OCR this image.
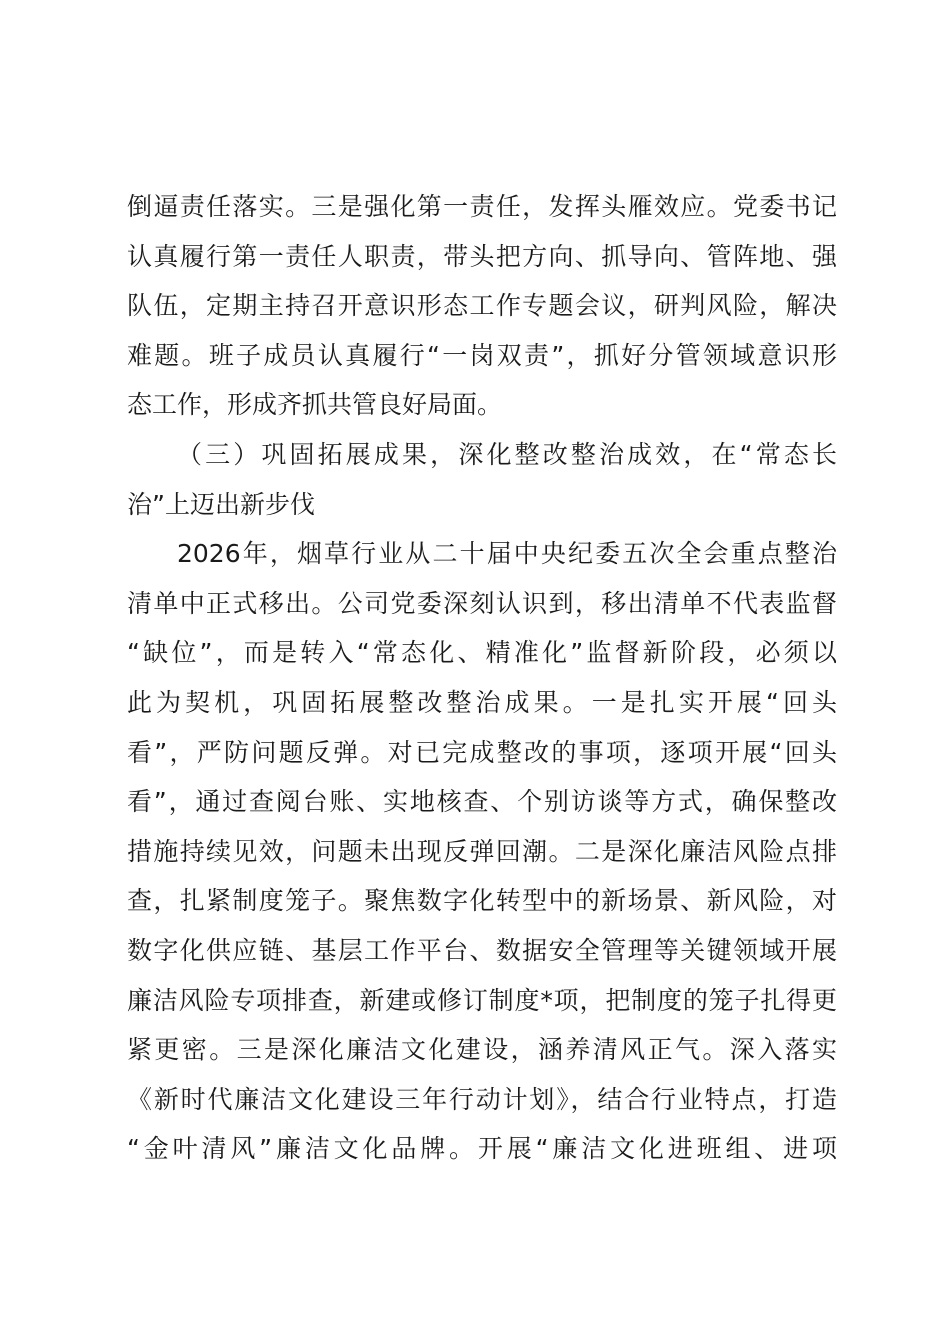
倒逼责任落实。三是强化第一责任，发挥头雁效应。党委书记
认真履行第一责任人职责，带头把方向、抓导向、管阵地、强
队伍，定期主持召开意识形态工作专题会议，研判风险，解决
难题。班子成员认真履行“一岗双责”，抓好分管领域意识形
态工作，形成齐抓共管良好局面。
（三）巩固拓展成果，深化整改整治成效，在“常态长
治”上迈出新步伐
2026年，烟草行业从二十届中央纪委五次全会重点整治
清单中正式移出。公司党委深刻认识到，移出清单不代表监督
“缺位”，而是转入“常态化、精准化”监督新阶段，必须以
此为契机，巩固拓展整改整治成果。一是扎实开展“回头
看”，严防问题反弹。对已完成整改的事项，逐项开展“回头
看”，通过查阅台账、实地核查、个别访谈等方式，确保整改
措施持续见效，问题未出现反弹回潮。二是深化廉洁风险点排
查，扎紧制度笼子。聚焦数字化转型中的新场景、新风险，对
数字化供应链、基层工作平台、数据安全管理等关键领域开展
廉洁风险专项排查，新建或修订制度*项，把制度的笼子扎得更
紧更密。三是深化廉洁文化建设，涵养清风正气。深入落实
《新时代廉洁文化建设三年行动计划》，结合行业特点，打造
“金叶清风”廉洁文化品牌。开展“廉洁文化进班组、进项
